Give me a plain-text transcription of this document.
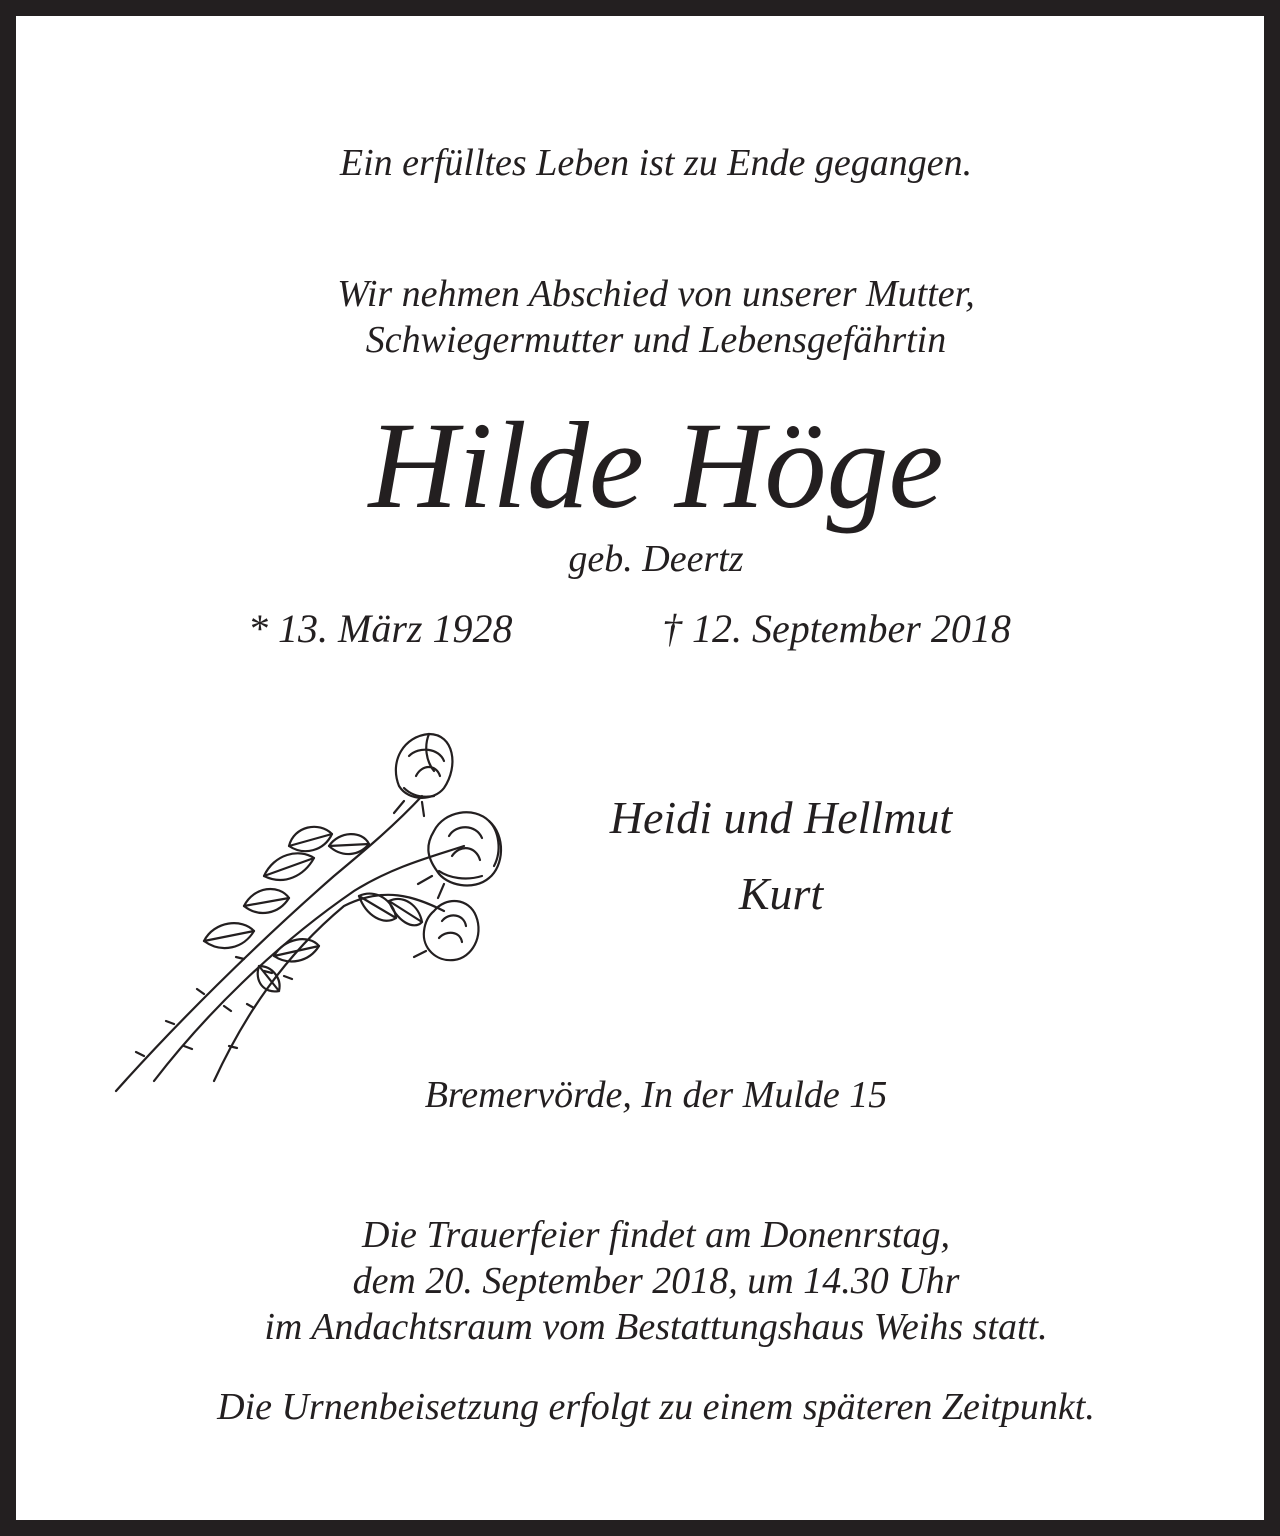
Ein erfülltes Leben ist zu Ende gegangen.

Wir nehmen Abschied von unserer Mutter,
Schwiegermutter und Lebensgefährtin
Hilde Höge

geb. Deertz

* 13. März 1928	† 12. September 2018

Heidi und Hellmut

Kurt

Bremervörde, In der Mulde 15

Die Trauerfeier findet am Donenrstag,
dem 20. September 2018, um 14.30 Uhr
im Andachtsraum vom Bestattungshaus Weihs statt.

Die Urnenbeisetzung erfolgt zu einem späteren Zeitpunkt.
